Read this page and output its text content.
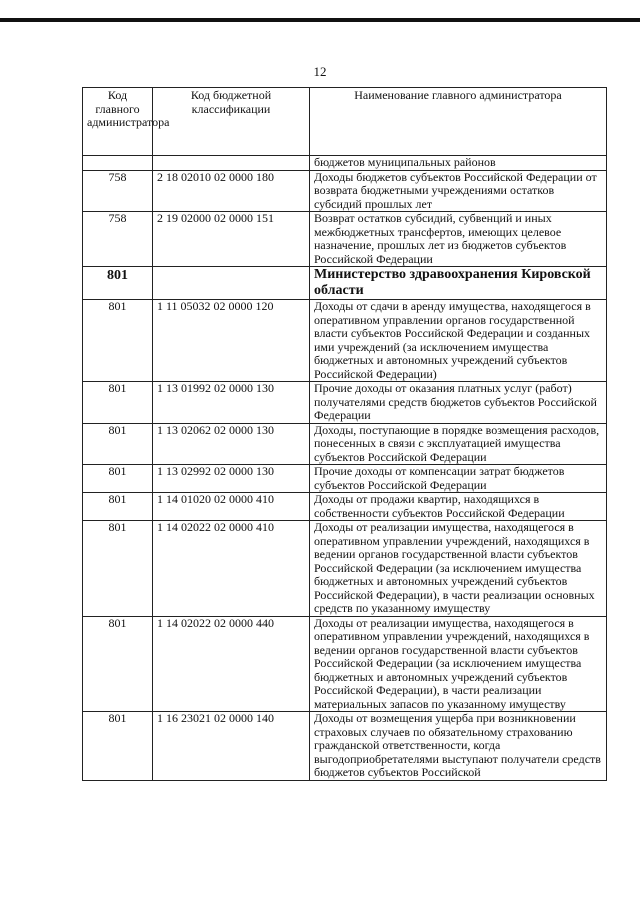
12
Код главного администратора	Код бюджетной классификации	Наименование главного администратора
		бюджетов муниципальных районов
758	2 18 02010 02 0000 180	Доходы бюджетов субъектов Российской Федерации от возврата бюджетными учреждениями остатков субсидий прошлых лет
758	2 19 02000 02 0000 151	Возврат остатков субсидий, субвенций и иных межбюджетных трансфертов, имеющих целевое назначение, прошлых лет из бюджетов субъектов Российской Федерации
801		Министерство здравоохранения Кировской области
801	1 11 05032 02 0000 120	Доходы от сдачи в аренду имущества, находящегося в оперативном управлении органов государственной власти субъектов Российской Федерации и созданных ими учреждений (за исключением имущества бюджетных и автономных учреждений субъектов Российской Федерации)
801	1 13 01992 02 0000 130	Прочие доходы от оказания платных услуг (работ) получателями средств бюджетов субъектов Российской Федерации
801	1 13 02062 02 0000 130	Доходы, поступающие в порядке возмещения расходов, понесенных в связи с эксплуатацией имущества субъектов Российской Федерации
801	1 13 02992 02 0000 130	Прочие доходы от компенсации затрат бюджетов субъектов Российской Федерации
801	1 14 01020 02 0000 410	Доходы от продажи квартир, находящихся в собственности субъектов Российской Федерации
801	1 14 02022 02 0000 410	Доходы от реализации имущества, находящегося в оперативном управлении учреждений, находящихся в ведении органов государственной власти субъектов Российской Федерации (за исключением имущества бюджетных и автономных учреждений субъектов Российской Федерации), в части реализации основных средств по указанному имуществу
801	1 14 02022 02 0000 440	Доходы от реализации имущества, находящегося в оперативном управлении учреждений, находящихся в ведении органов государственной власти субъектов Российской Федерации (за исключением имущества бюджетных и автономных учреждений субъектов Российской Федерации), в части реализации материальных запасов по указанному имуществу
801	1 16 23021 02 0000 140	Доходы от возмещения ущерба при возникновении страховых случаев по обязательному страхованию гражданской ответственности, когда выгодоприобретателями выступают получатели средств бюджетов субъектов Российской
